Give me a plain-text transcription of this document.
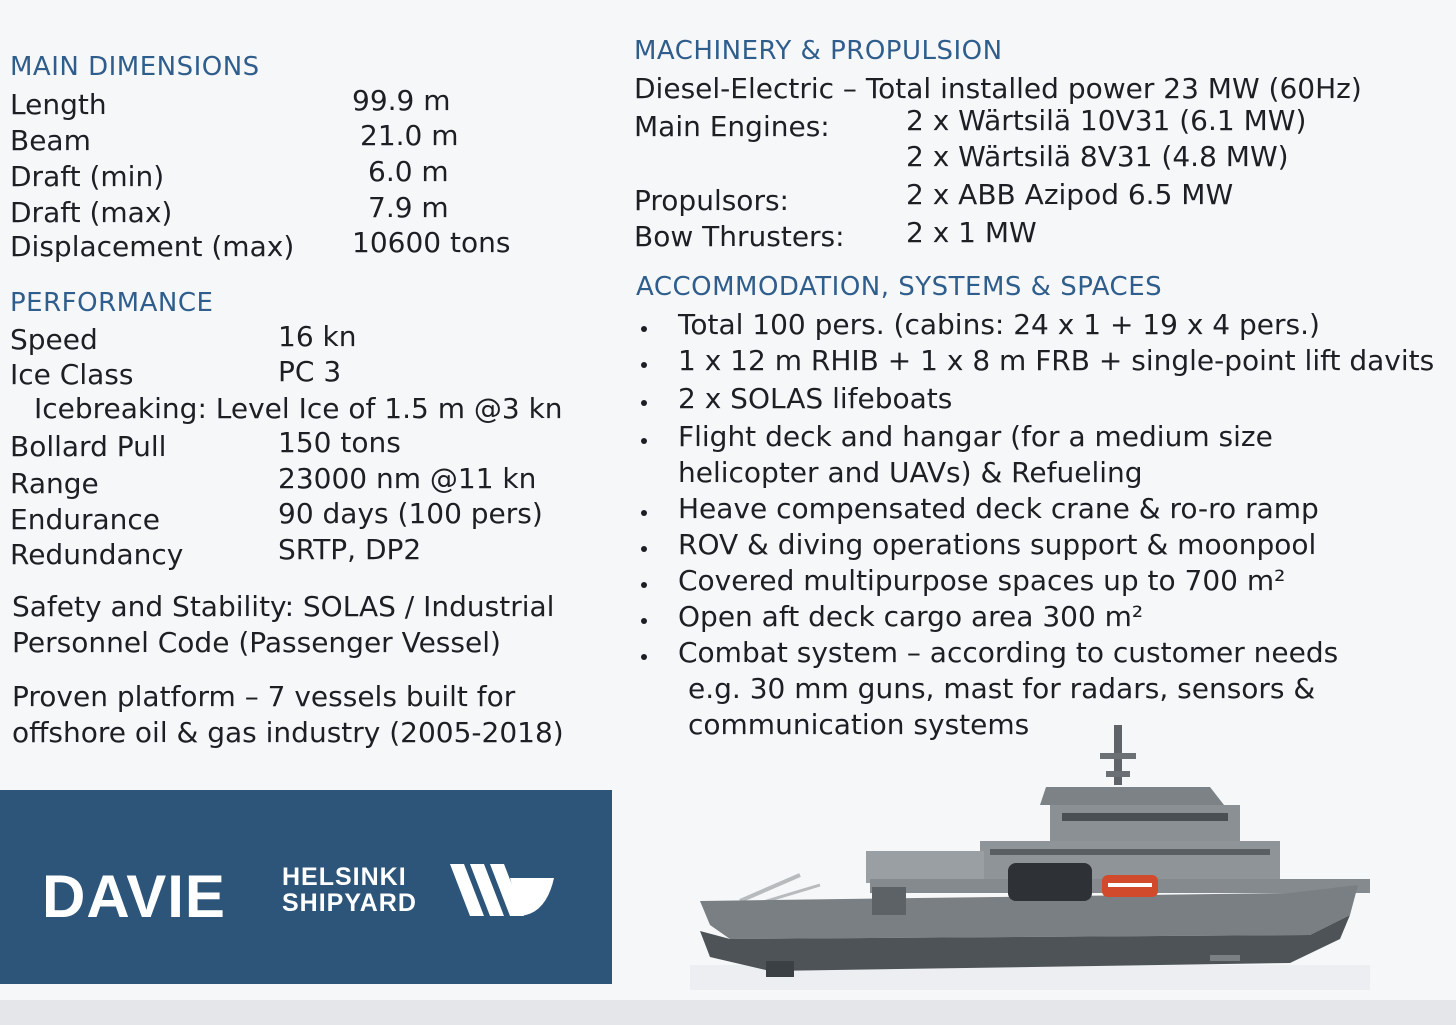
MAIN DIMENSIONS
Length	99.9 m
Beam	21.0 m
Draft (min)	6.0 m
Draft (max)	7.9 m
Displacement (max) 10600 tons
PERFORMANCE
Speed	16 kn
Ice Class	PC 3
Icebreaking: Level Ice of 1.5 m @3 kn
Bollard Pull	150 tons
Range	23000 nm @11 kn
Endurance	90 days (100 pers)
Redundancy	SRTP, DP2
Safety and Stability: SOLAS / Industrial
Personnel Code (Passenger Vessel)
Proven platform – 7 vessels built for
offshore oil & gas industry (2005-2018)
MACHINERY & PROPULSION
Diesel-Electric – Total installed power 23 MW (60Hz)
Main Engines:	2 x Wärtsilä 10V31 (6.1 MW)
2 x Wärtsilä 8V31 (4.8 MW)
Propulsors:	2 x ABB Azipod 6.5 MW
Bow Thrusters: 2 x 1 MW
ACCOMMODATION, SYSTEMS & SPACES
Total 100 pers. (cabins: 24 x 1 + 19 x 4 pers.)
1 x 12 m RHIB + 1 x 8 m FRB + single-point lift davits
2 x SOLAS lifeboats
Flight deck and hangar (for a medium size
helicopter and UAVs) & Refueling
Heave compensated deck crane & ro-ro ramp
ROV & diving operations support & moonpool
Covered multipurpose spaces up to 700 m²
Open aft deck cargo area 300 m²
Combat system – according to customer needs
e.g. 30 mm guns, mast for radars, sensors &
communication systems
DAVIE HELSINKI
SHIPYARD
